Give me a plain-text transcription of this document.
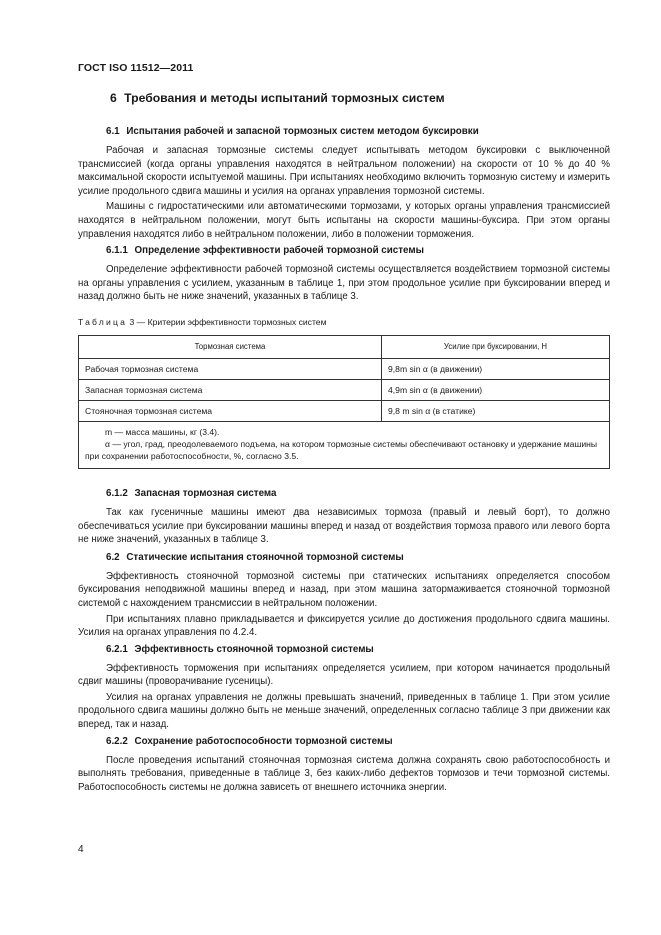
ГОСТ ISO 11512—2011
6 Требования и методы испытаний тормозных систем
6.1 Испытания рабочей и запасной тормозных систем методом буксировки

Рабочая и запасная тормозные системы следует испытывать методом буксировки с выключенной трансмиссией (когда органы управления находятся в нейтральном положении) на скорости от 10 % до 40 % максимальной скорости испытуемой машины. При испытаниях необходимо включить тормозную систему и измерить усилие продольного сдвига машины и усилия на органах управления тормозной системы.

Машины с гидростатическими или автоматическими тормозами, у которых органы управления трансмиссией находятся в нейтральном положении, могут быть испытаны на скорости машины-буксира. При этом органы управления находятся либо в нейтральном положении, либо в положении торможения.

6.1.1 Определение эффективности рабочей тормозной системы

Определение эффективности рабочей тормозной системы осуществляется воздействием тормозной системы на органы управления с усилием, указанным в таблице 1, при этом продольное усилие при буксировании вперед и назад должно быть не ниже значений, указанных в таблице 3.

Таблица 3 — Критерии эффективности тормозных систем
Тормозная система	Усилие при буксировании, Н
Рабочая тормозная система	9,8m sin α (в движении)
Запасная тормозная система	4,9m sin α (в движении)
Стояночная тормозная система	9,8 m sin α (в статике)

m — масса машины, кг (3.4).
α — угол, град, преодолеваемого подъема, на котором тормозные системы обеспечивают остановку и удержание машины при сохранении работоспособности, %, согласно 3.5.	
6.1.2 Запасная тормозная система

Так как гусеничные машины имеют два независимых тормоза (правый и левый борт), то должно обеспечиваться усилие при буксировании машины вперед и назад от воздействия тормоза правого или левого борта не ниже значений, указанных в таблице 3.

6.2 Статические испытания стояночной тормозной системы

Эффективность стояночной тормозной системы при статических испытаниях определяется способом буксирования неподвижной машины вперед и назад, при этом машина затормаживается стояночной тормозной системой с нахождением трансмиссии в нейтральном положении.

При испытаниях плавно прикладывается и фиксируется усилие до достижения продольного сдвига машины. Усилия на органах управления по 4.2.4.

6.2.1 Эффективность стояночной тормозной системы

Эффективность торможения при испытаниях определяется усилием, при котором начинается продольный сдвиг машины (проворачивание гусеницы).

Усилия на органах управления не должны превышать значений, приведенных в таблице 1. При этом усилие продольного сдвига машины должно быть не меньше значений, определенных согласно таблице 3 при движении как вперед, так и назад.

6.2.2 Сохранение работоспособности тормозной системы

После проведения испытаний стояночная тормозная система должна сохранять свою работоспособность и выполнять требования, приведенные в таблице 3, без каких-либо дефектов тормозов и течи тормозной системы. Работоспособность системы не должна зависеть от внешнего источника энергии.

4
